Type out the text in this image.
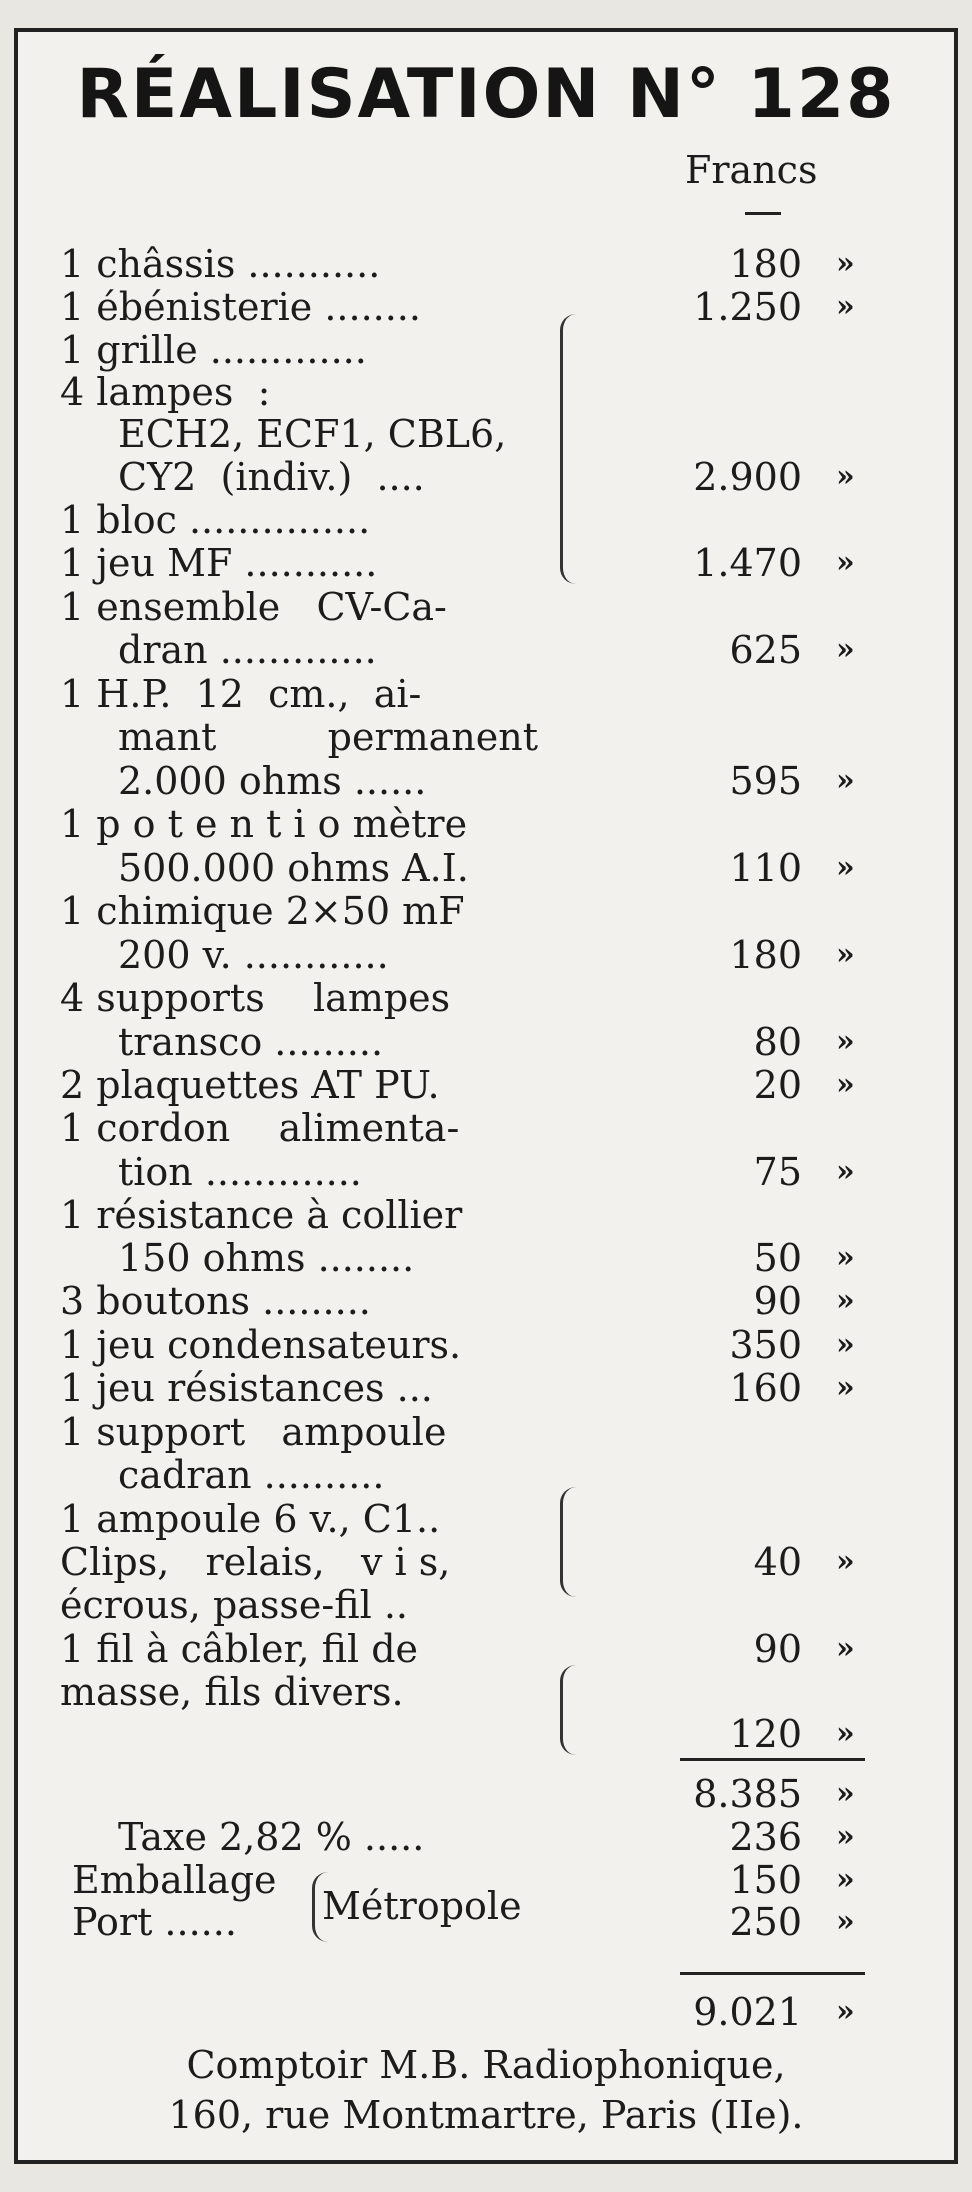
RÉALISATION N° 128
Francs
1 châssis ...........	180 »
1 ébénisterie ........	1.250 »
1 grille .............
4 lampes  :
ECH2, ECF1, CBL6,
CY2  (indiv.)  ....	2.900 »
1 bloc ...............
1 jeu MF ...........	1.470 »
1 ensemble   CV-Ca-
dran .............	625 »
1 H.P.  12  cm.,  ai-
mant    permanent
2.000 ohms ......	595 »
1 p o t e n t i o mètre
500.000 ohms A.I.	110 »
1 chimique 2×50 mF
200 v. ............	180 »
4 supports    lampes
transco .........	80 »
2 plaquettes AT PU.	20 »
1 cordon    alimenta-
tion .............	75 »
1 résistance à collier
150 ohms ........	50 »
3 boutons .........	90 »
1 jeu condensateurs.	350 »
1 jeu résistances ...	160 »
1 support   ampoule
cadran ..........
1 ampoule 6 v., C1..
Clips,   relais,   v i s,	40 »
écrous, passe-fil ..
1 fil à câbler, fil de	90 »
masse, fils divers.
120 »
8.385 »
Taxe 2,82 % .....	236 »
Emballage	150 »
Port ......	250 »
Métropole
9.021 »
Comptoir M.B. Radiophonique,
160, rue Montmartre, Paris (IIe).
